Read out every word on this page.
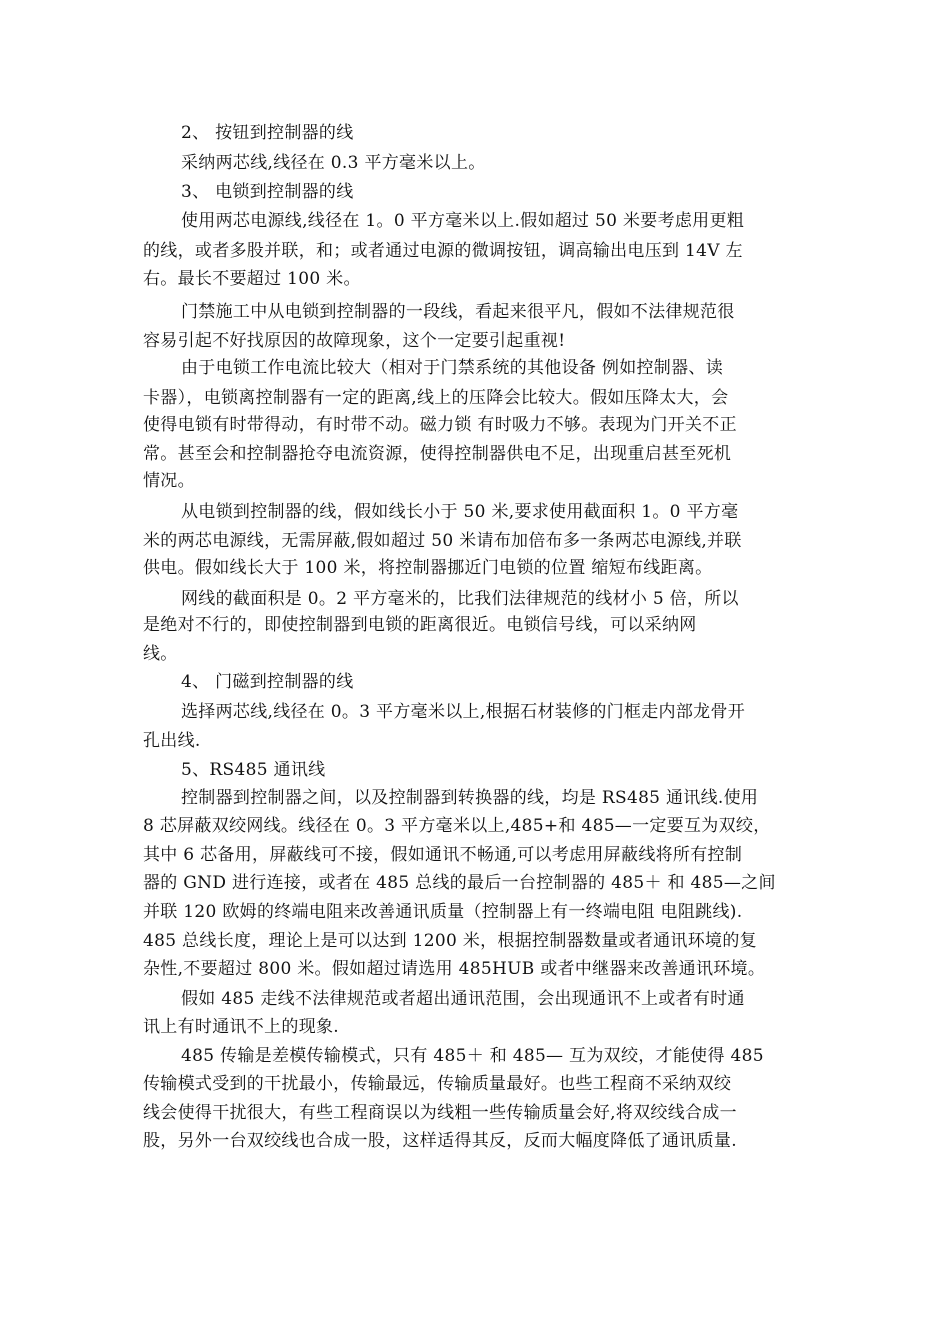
2、 按钮到控制器的线
采纳两芯线,线径在 0.3 平方毫米以上。
3、 电锁到控制器的线
使用两芯电源线,线径在 1。0 平方毫米以上.假如超过 50 米要考虑用更粗
的线，或者多股并联，和；或者通过电源的微调按钮，调高输出电压到 14V 左
右。最长不要超过 100 米。
门禁施工中从电锁到控制器的一段线，看起来很平凡，假如不法律规范很
容易引起不好找原因的故障现象，这个一定要引起重视!
由于电锁工作电流比较大（相对于门禁系统的其他设备 例如控制器、读
卡器），电锁离控制器有一定的距离,线上的压降会比较大。假如压降太大，会
使得电锁有时带得动，有时带不动。磁力锁 有时吸力不够。表现为门开关不正
常。甚至会和控制器抢夺电流资源，使得控制器供电不足，出现重启甚至死机
情况。
从电锁到控制器的线，假如线长小于 50 米,要求使用截面积 1。0 平方毫
米的两芯电源线，无需屏蔽,假如超过 50 米请布加倍布多一条两芯电源线,并联
供电。假如线长大于 100 米，将控制器挪近门电锁的位置 缩短布线距离。
网线的截面积是 0。2 平方毫米的，比我们法律规范的线材小 5 倍，所以
是绝对不行的，即使控制器到电锁的距离很近。电锁信号线，可以采纳网
线。
4、 门磁到控制器的线
选择两芯线,线径在 0。3 平方毫米以上,根据石材装修的门框走内部龙骨开
孔出线.
5、RS485 通讯线
控制器到控制器之间，以及控制器到转换器的线，均是 RS485 通讯线.使用
8 芯屏蔽双绞网线。线径在 0。3 平方毫米以上,485+和 485—一定要互为双绞，
其中 6 芯备用，屏蔽线可不接，假如通讯不畅通,可以考虑用屏蔽线将所有控制
器的 GND 进行连接，或者在 485 总线的最后一台控制器的 485＋ 和 485—之间
并联 120 欧姆的终端电阻来改善通讯质量（控制器上有一终端电阻 电阻跳线).
485 总线长度，理论上是可以达到 1200 米，根据控制器数量或者通讯环境的复
杂性,不要超过 800 米。假如超过请选用 485HUB 或者中继器来改善通讯环境。
假如 485 走线不法律规范或者超出通讯范围，会出现通讯不上或者有时通
讯上有时通讯不上的现象.
485 传输是差模传输模式，只有 485＋ 和 485— 互为双绞，才能使得 485
传输模式受到的干扰最小，传输最远，传输质量最好。也些工程商不采纳双绞
线会使得干扰很大，有些工程商误以为线粗一些传输质量会好,将双绞线合成一
股，另外一台双绞线也合成一股，这样适得其反，反而大幅度降低了通讯质量.
